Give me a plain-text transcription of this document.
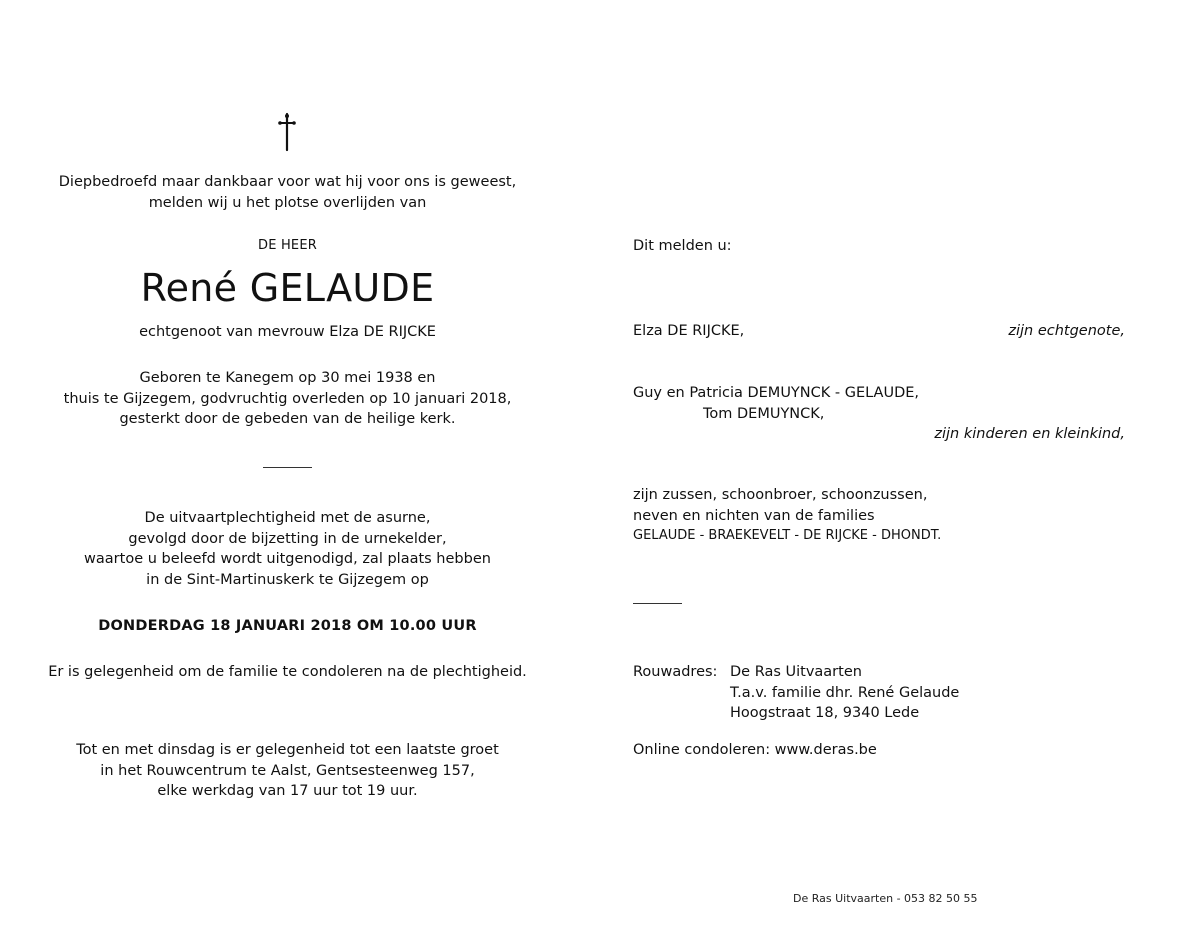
Diepbedroefd maar dankbaar voor wat hij voor ons is geweest,
melden wij u het plotse overlijden van
DE HEER
René GELAUDE
echtgenoot van mevrouw Elza DE RIJCKE
Geboren te Kanegem op 30 mei 1938 en
thuis te Gijzegem, godvruchtig overleden op 10 januari 2018,
gesterkt door de gebeden van de heilige kerk.
De uitvaartplechtigheid met de asurne,
gevolgd door de bijzetting in de urnekelder,
waartoe u beleefd wordt uitgenodigd, zal plaats hebben
in de Sint-Martinuskerk te Gijzegem op
DONDERDAG 18 JANUARI 2018 OM 10.00 UUR
Er is gelegenheid om de familie te condoleren na de plechtigheid.
Tot en met dinsdag is er gelegenheid tot een laatste groet
in het Rouwcentrum te Aalst, Gentsesteenweg 157,
elke werkdag van 17 uur tot 19 uur.
Dit melden u:
Elza DE RIJCKE,	zijn echtgenote,
Guy en Patricia DEMUYNCK - GELAUDE,
Tom DEMUYNCK,
zijn kinderen en kleinkind,
zijn zussen, schoonbroer, schoonzussen,
neven en nichten van de families
GELAUDE - BRAEKEVELT - DE RIJCKE - DHONDT.
Rouwadres: De Ras Uitvaarten
T.a.v. familie dhr. René Gelaude
Hoogstraat 18, 9340 Lede
Online condoleren: www.deras.be
De Ras Uitvaarten - 053 82 50 55
